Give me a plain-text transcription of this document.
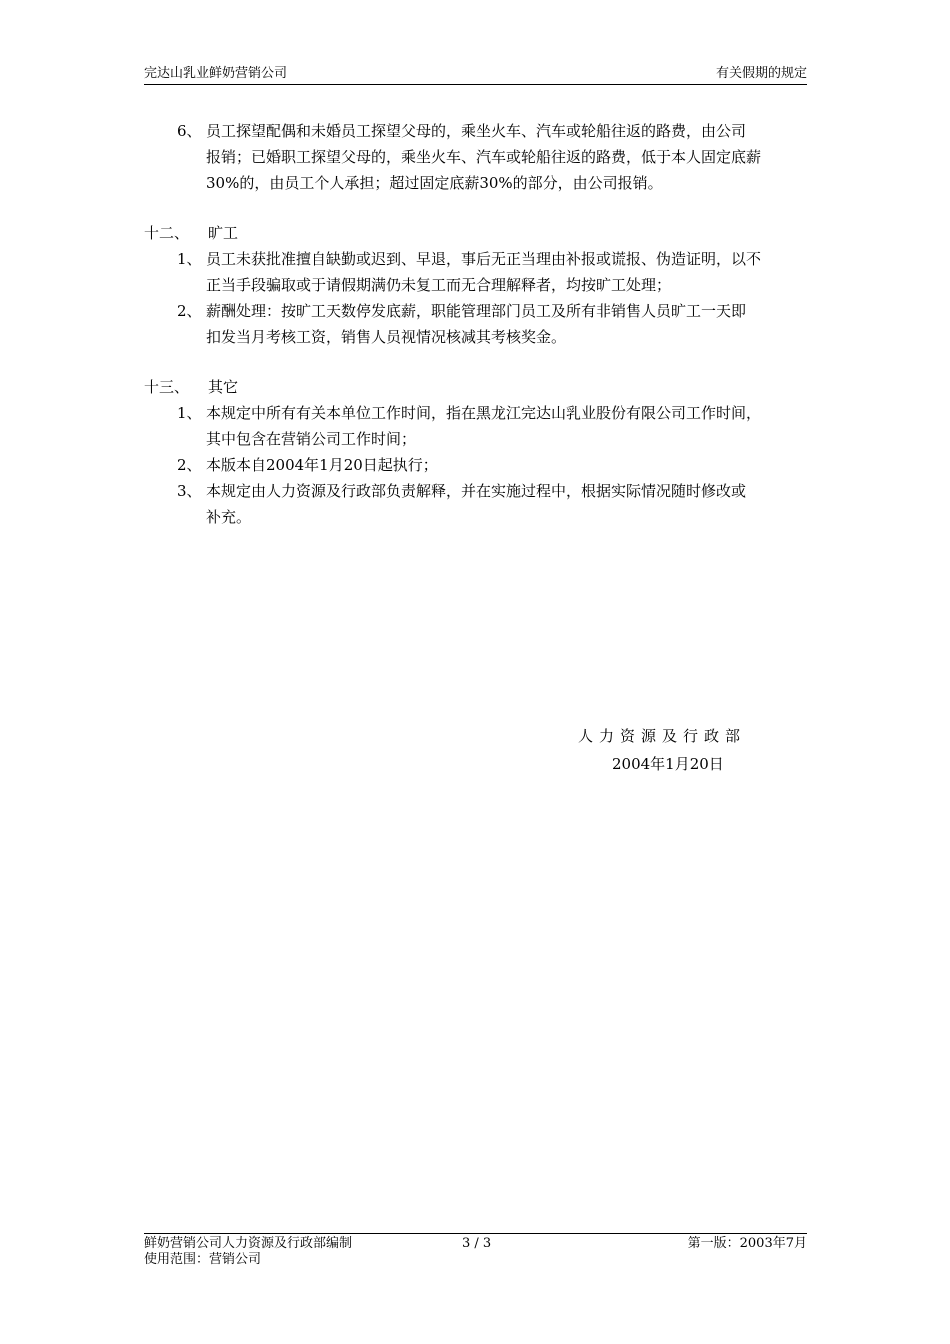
完达山乳业鲜奶营销公司	有关假期的规定
6、 员工探望配偶和未婚员工探望父母的，乘坐火车、汽车或轮船往返的路费，由公司
报销；已婚职工探望父母的，乘坐火车、汽车或轮船往返的路费，低于本人固定底薪
30%的，由员工个人承担；超过固定底薪30%的部分，由公司报销。
十二、 旷工
1、 员工未获批准擅自缺勤或迟到、早退，事后无正当理由补报或谎报、伪造证明，以不
正当手段骗取或于请假期满仍未复工而无合理解释者，均按旷工处理；
2、 薪酬处理：按旷工天数停发底薪，职能管理部门员工及所有非销售人员旷工一天即
扣发当月考核工资，销售人员视情况核减其考核奖金。
十三、 其它
1、 本规定中所有有关本单位工作时间，指在黑龙江完达山乳业股份有限公司工作时间，
其中包含在营销公司工作时间；
2、 本版本自2004年1月20日起执行；
3、 本规定由人力资源及行政部负责解释，并在实施过程中，根据实际情况随时修改或
补充。
人力资源及行政部
2004年1月20日
鲜奶营销公司人力资源及行政部编制	3 / 3	第一版：2003年7月
使用范围：营销公司
